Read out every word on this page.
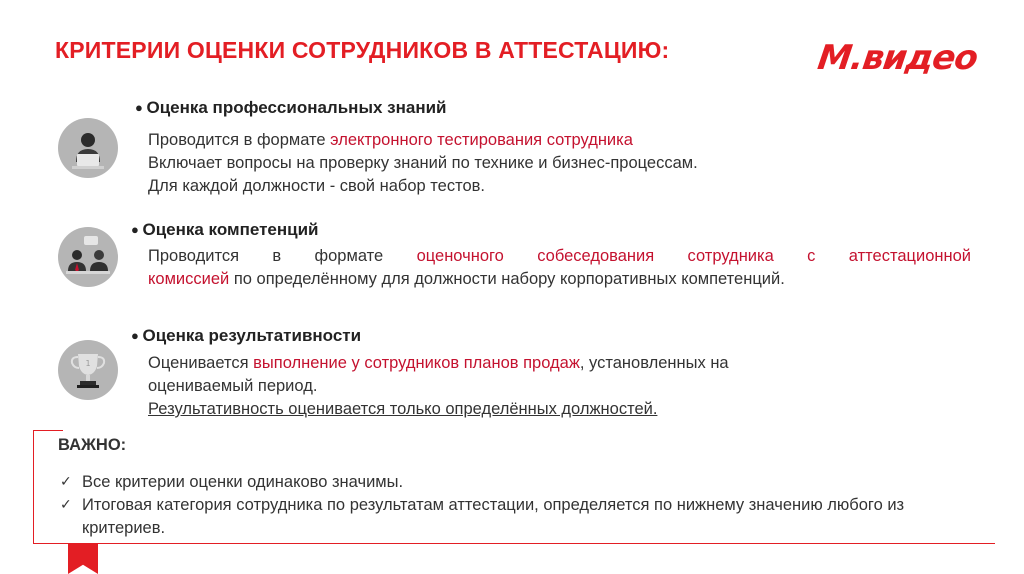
КРИТЕРИИ ОЦЕНКИ СОТРУДНИКОВ В АТТЕСТАЦИЮ:	М.видео
● Оценка профессиональных знаний
Проводится в формате электронного тестирования сотрудника
Включает вопросы на проверку знаний по технике и бизнес-процессам.
Для каждой должности - свой набор тестов.
● Оценка компетенций
Проводится в формате оценочного собеседования сотрудника с аттестационной
комиссией по определённому для должности набору корпоративных компетенций.
1
● Оценка результативности
Оценивается выполнение у сотрудников планов продаж, установленных на
оцениваемый период.
Результативность оценивается только определённых должностей.
ВАЖНО:
✓ Все критерии оценки одинаково значимы.
✓ Итоговая категория сотрудника по результатам аттестации, определяется по нижнему значению любого из критериев.
